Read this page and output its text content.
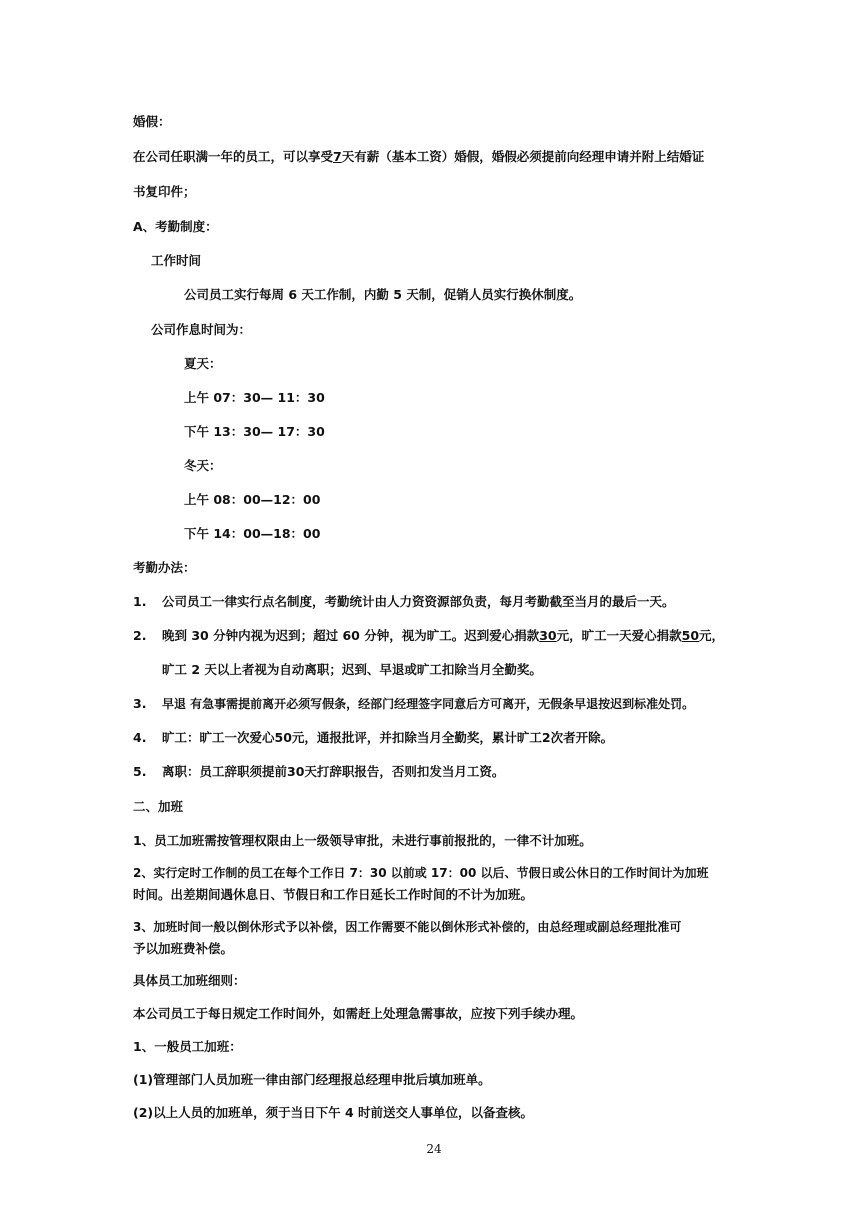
婚假：
在公司任职满一年的员工，可以享受7天有薪（基本工资）婚假，婚假必须提前向经理申请并附上结婚证
书复印件；
A、考勤制度：
工作时间
公司员工实行每周 6 天工作制，内勤 5 天制，促销人员实行换休制度。
公司作息时间为：
夏天：
上午 07：30— 11：30
下午 13：30— 17：30
冬天：
上午 08：00—12：00
下午 14：00—18：00
考勤办法：
1. 公司员工一律实行点名制度，考勤统计由人力资资源部负责，每月考勤截至当月的最后一天。
2. 晚到 30 分钟内视为迟到；超过 60 分钟，视为旷工。迟到爱心捐款30元，旷工一天爱心捐款50元，
旷工 2 天以上者视为自动离职；迟到、早退或旷工扣除当月全勤奖。
3. 早退 有急事需提前离开必须写假条，经部门经理签字同意后方可离开，无假条早退按迟到标准处罚。
4. 旷工：旷工一次爱心50元，通报批评，并扣除当月全勤奖，累计旷工2次者开除。
5. 离职：员工辞职须提前30天打辞职报告，否则扣发当月工资。
二、加班
1、员工加班需按管理权限由上一级领导审批，未进行事前报批的，一律不计加班。
2、实行定时工作制的员工在每个工作日 7：30 以前或 17：00 以后、节假日或公休日的工作时间计为加班
时间。出差期间遇休息日、节假日和工作日延长工作时间的不计为加班。
3、加班时间一般以倒休形式予以补偿，因工作需要不能以倒休形式补偿的，由总经理或副总经理批准可
予以加班费补偿。
具体员工加班细则：
本公司员工于每日规定工作时间外，如需赶上处理急需事故，应按下列手续办理。
1、一般员工加班：
(1)管理部门人员加班一律由部门经理报总经理申批后填加班单。
(2)以上人员的加班单，须于当日下午 4 时前送交人事单位，以备查核。
24
